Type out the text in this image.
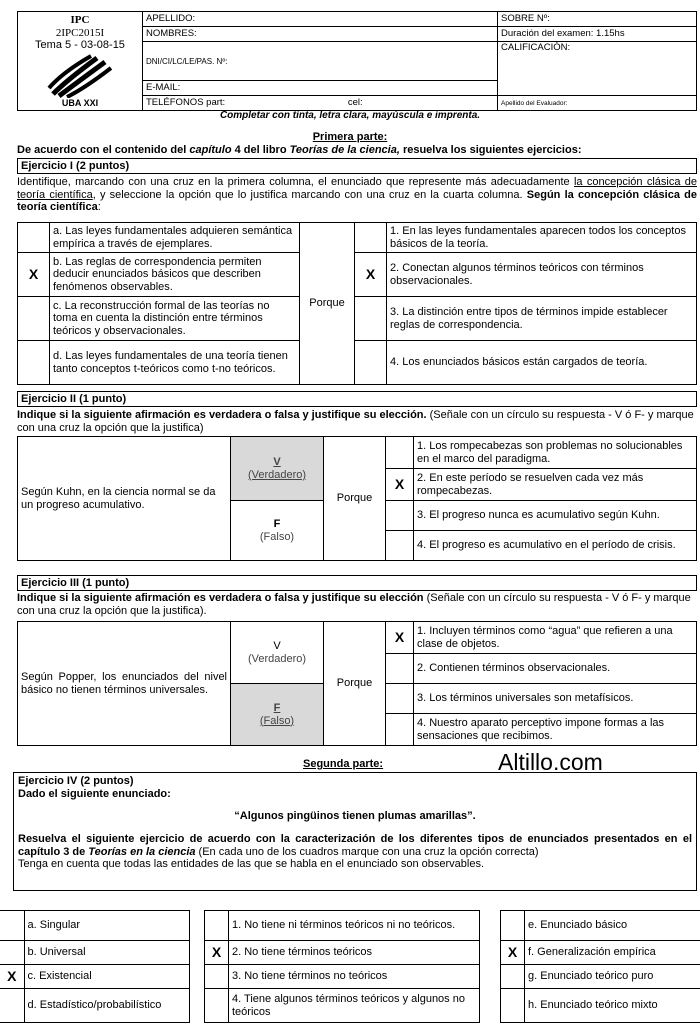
IPC
2IPC2015I
Tema 5 - 03-08-15
UBA XXI	APELLIDO:	SOBRE Nº:
	NOMBRES:	Duración del examen: 1.15hs
	DNI/CI/LC/LE/PAS. Nº:	CALIFICACIÓN:
	E-MAIL:	
	TELÉFONOS part: cel:	Apellido del Evaluador:
Completar con tinta, letra clara, mayúscula e imprenta.
Primera parte:
De acuerdo con el contenido del capítulo 4 del libro Teorías de la ciencia, resuelva los siguientes ejercicios:
Ejercicio I (2 puntos)
Identifique, marcando con una cruz en la primera columna, el enunciado que represente más adecuadamente la concepción clásica de teoría científica, y seleccione la opción que lo justifica marcando con una cruz en la cuarta columna. Según la concepción clásica de teoría científica:
	a. Las leyes fundamentales adquieren semántica empírica a través de ejemplares.	Porque		1. En las leyes fundamentales aparecen todos los conceptos básicos de la teoría.
X	b. Las reglas de correspondencia permiten deducir enunciados básicos que describen fenómenos observables.		X	2. Conectan algunos términos teóricos con términos observacionales.
	c. La reconstrucción formal de las teorías no toma en cuenta la distinción entre términos teóricos y observacionales.			3. La distinción entre tipos de términos impide establecer reglas de correspondencia.
	d. Las leyes fundamentales de una teoría tienen tanto conceptos t-teóricos como t-no teóricos.			4. Los enunciados básicos están cargados de teoría.
Ejercicio II (1 punto)
Indique si la siguiente afirmación es verdadera o falsa y justifique su elección. (Señale con un círculo su respuesta - V ó F- y marque con una cruz la opción que la justifica)
Según Kuhn, en la ciencia normal se da un progreso acumulativo.	V
(Verdadero)	Porque		1. Los rompecabezas son problemas no solucionables en el marco del paradigma.
			X	2. En este período se resuelven cada vez más rompecabezas.

	F
(Falso)			3. El progreso nunca es acumulativo según Kuhn.
				4. El progreso es acumulativo en el período de crisis.
Ejercicio III (1 punto)
Indique si la siguiente afirmación es verdadera o falsa y justifique su elección (Señale con un círculo su respuesta - V ó F- y marque con una cruz la opción que la justifica).
Según Popper, los enunciados del nivel básico no tienen términos universales.	V
(Verdadero)	Porque	X	1. Incluyen términos como “agua” que refieren a una clase de objetos.
				2. Contienen términos observacionales.

	F
(Falso)			3. Los términos universales son metafísicos.
				4. Nuestro aparato perceptivo impone formas a las sensaciones que recibimos.
Segunda parte:	Altillo.com
Ejercicio IV (2 puntos)
Dado el siguiente enunciado:
“Algunos pingüinos tienen plumas amarillas”.
Resuelva el siguiente ejercicio de acuerdo con la caracterización de los diferentes tipos de enunciados presentados en el capítulo 3 de Teorías en la ciencia (En cada uno de los cuadros marque con una cruz la opción correcta)
Tenga en cuenta que todas las entidades de las que se habla en el enunciado son observables.
	a. Singular
	b. Universal
X	c. Existencial
	d. Estadístico/probabilístico
	1. No tiene ni términos teóricos ni no teóricos.
X	2. No tiene términos teóricos
	3. No tiene términos no teóricos
	4. Tiene algunos términos teóricos y algunos no teóricos
	e. Enunciado básico
X	f. Generalización empírica
	g. Enunciado teórico puro
	h. Enunciado teórico mixto
